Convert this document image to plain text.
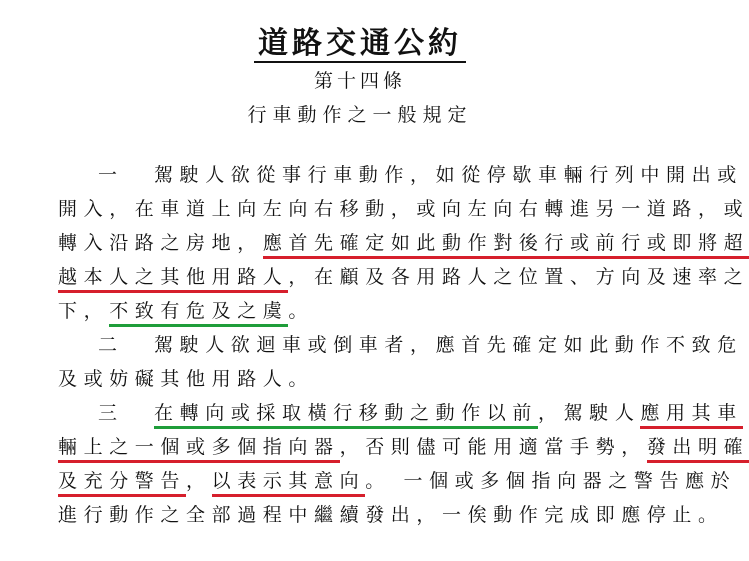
道路交通公約
第十四條
行車動作之一般規定
一 駕駛人欲從事行車動作，如從停歇車輛行列中開出或
開入，在車道上向左向右移動，或向左向右轉進另一道路，或
轉入沿路之房地，應首先確定如此動作對後行或前行或即將超
越本人之其他用路人，在顧及各用路人之位置、方向及速率之
下，不致有危及之虞。
二 駕駛人欲迴車或倒車者，應首先確定如此動作不致危
及或妨礙其他用路人。
三 在轉向或採取橫行移動之動作以前，駕駛人應用其車
輛上之一個或多個指向器，否則儘可能用適當手勢，發出明確
及充分警告，以表示其意向。 一個或多個指向器之警告應於
進行動作之全部過程中繼續發出，一俟動作完成即應停止。
